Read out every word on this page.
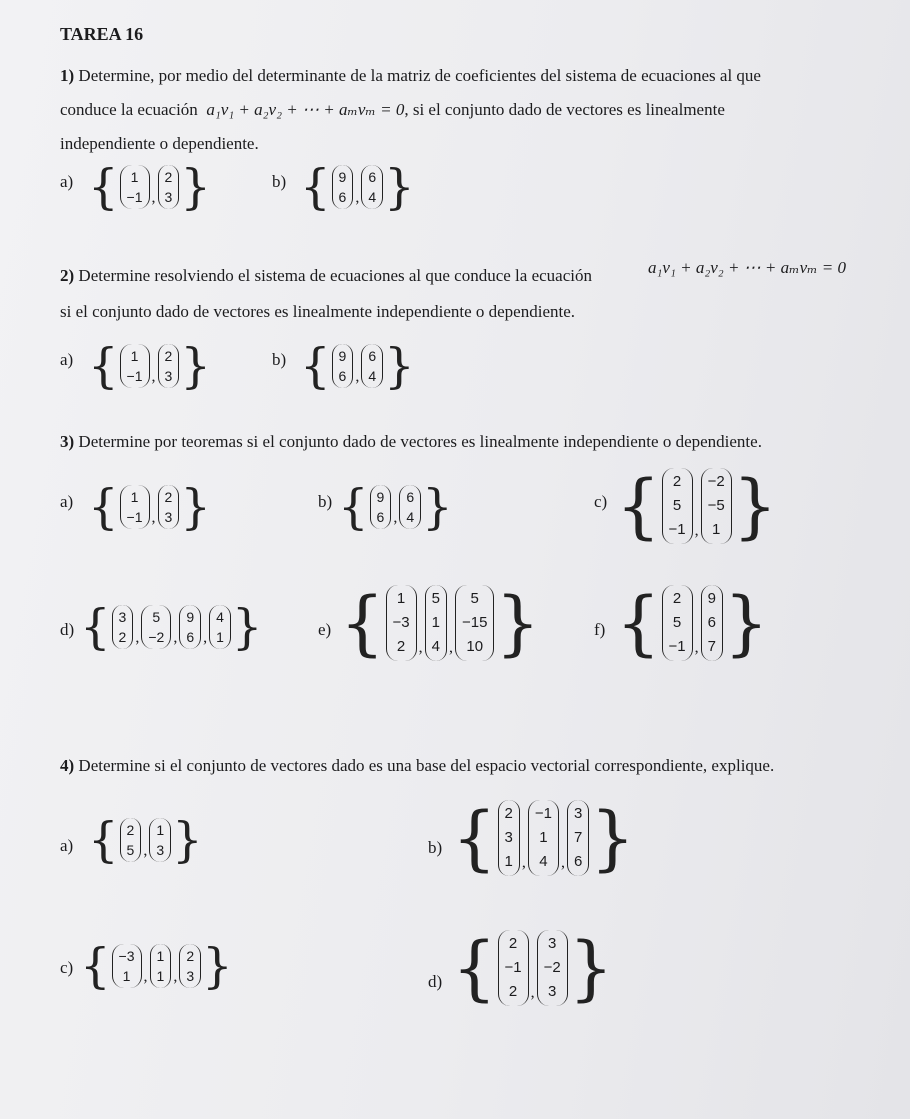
TAREA 16
1) Determine, por medio del determinante de la matriz de coeficientes del sistema de ecuaciones al que
conduce la ecuación a₁v₁ + a₂v₂ + ⋯ + aₘvₘ = 0, si el conjunto dado de vectores es linealmente
independiente o dependiente.
a) { 1
−1 ,
2
3 }	b) { 9
6 ,
6
4 }
2) Determine resolviendo el sistema de ecuaciones al que conduce la ecuación	a₁v₁ + a₂v₂ + ⋯ + aₘvₘ = 0
si el conjunto dado de vectores es linealmente independiente o dependiente.
a) { 1
−1 ,
2
3 }	b) { 9
6 ,
6
4 }
3) Determine por teoremas si el conjunto dado de vectores es linealmente independiente o dependiente.
a) { 1
−1 ,
2
3 }	b) { 9
6 ,
6
4 }	c) { 2
5
−1 ,
−2
−5
1 }
d) { 3
2 ,
5
−2 ,
9
6 ,
4
1 }	e) { 1
−3
2 ,
5
1
4 ,
5
−15
10 }	f) { 2
5
−1 ,
9
6
7 }
4) Determine si el conjunto de vectores dado es una base del espacio vectorial correspondiente, explique.
a) { 2
5 ,
1
3 }	b) { 2
3
1 ,
−1
1
4 ,
3
7
6 }
c) { −3
1 ,
1
1 ,
2
3 }	d) { 2
−1
2 ,
3
−2
3 }
